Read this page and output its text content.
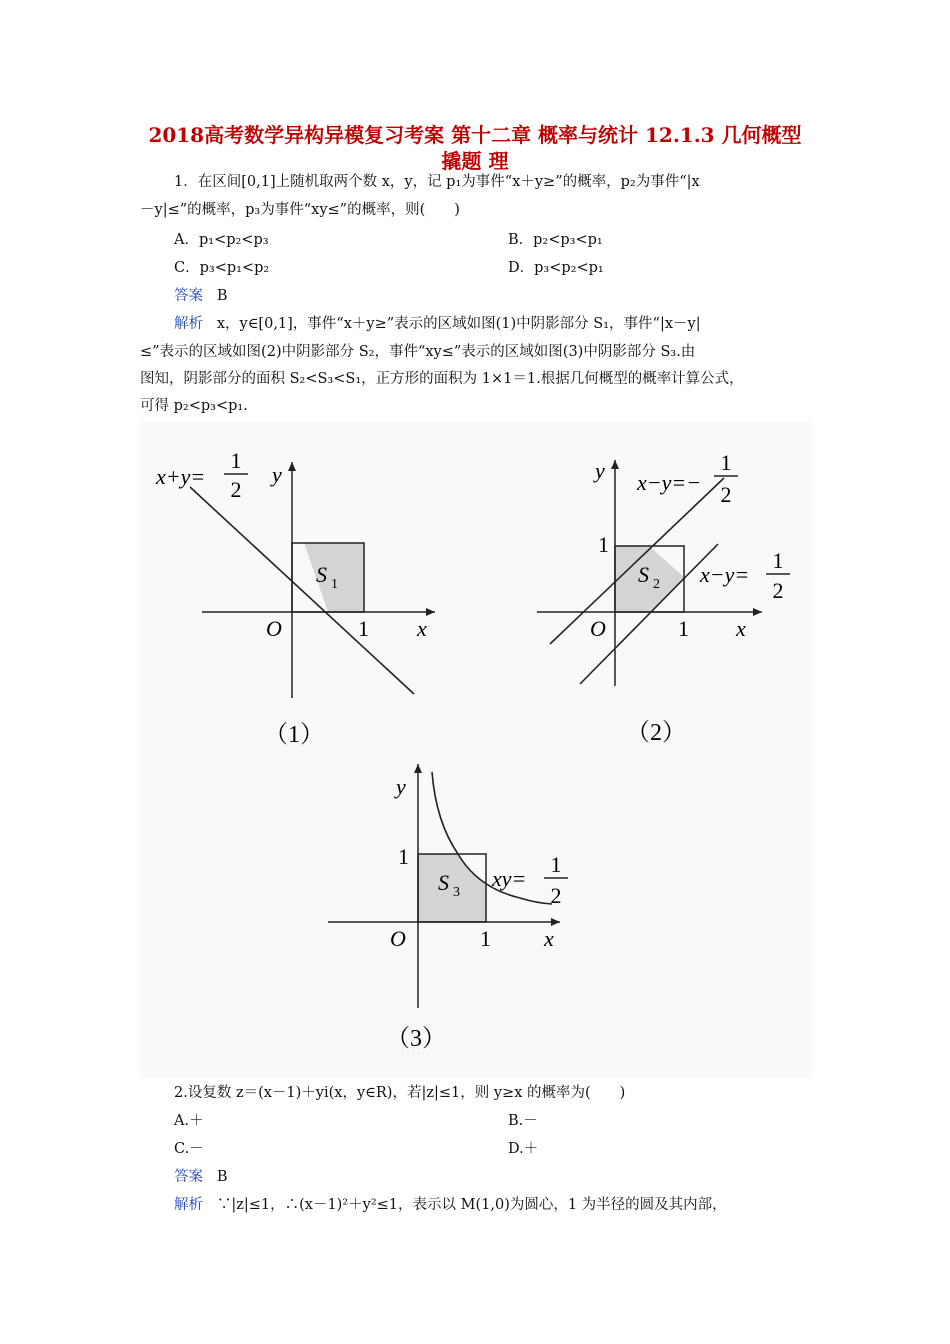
2018高考数学异构异模复习考案 第十二章 概率与统计 12.1.3 几何概型撬题 理
1．在区间[0,1]上随机取两个数 x，y，记 p₁为事件“x＋y≥”的概率，p₂为事件“|x
－y|≤”的概率，p₃为事件“xy≤”的概率，则(　　)
A．p₁<p₂<p₃	B．p₂<p₃<p₁
C．p₃<p₁<p₂	D．p₃<p₂<p₁
答案 B
解析 x，y∈[0,1]，事件“x＋y≥”表示的区域如图(1)中阴影部分 S₁，事件“|x－y|
≤”表示的区域如图(2)中阴影部分 S₂，事件“xy≤”表示的区域如图(3)中阴影部分 S₃.由
图知，阴影部分的面积 S₂<S₃<S₁，正方形的面积为 1×1＝1.根据几何概型的概率计算公式，
可得 p₂<p₃<p₁.
x+y=
1
2
y
x
O	1
S 1
（1）
y x−y=−
1
2
1
x−y=
1
2
S 2
O	1 x
（2）
y
1
S 3
xy=
1
2
O	1 x
（3）
2.设复数 z＝(x－1)＋yi(x，y∈R)，若|z|≤1，则 y≥x 的概率为(　　)
A.＋	B.－
C.－	D.＋
答案 B
解析 ∵|z|≤1，∴(x－1)²＋y²≤1，表示以 M(1,0)为圆心，1 为半径的圆及其内部，
